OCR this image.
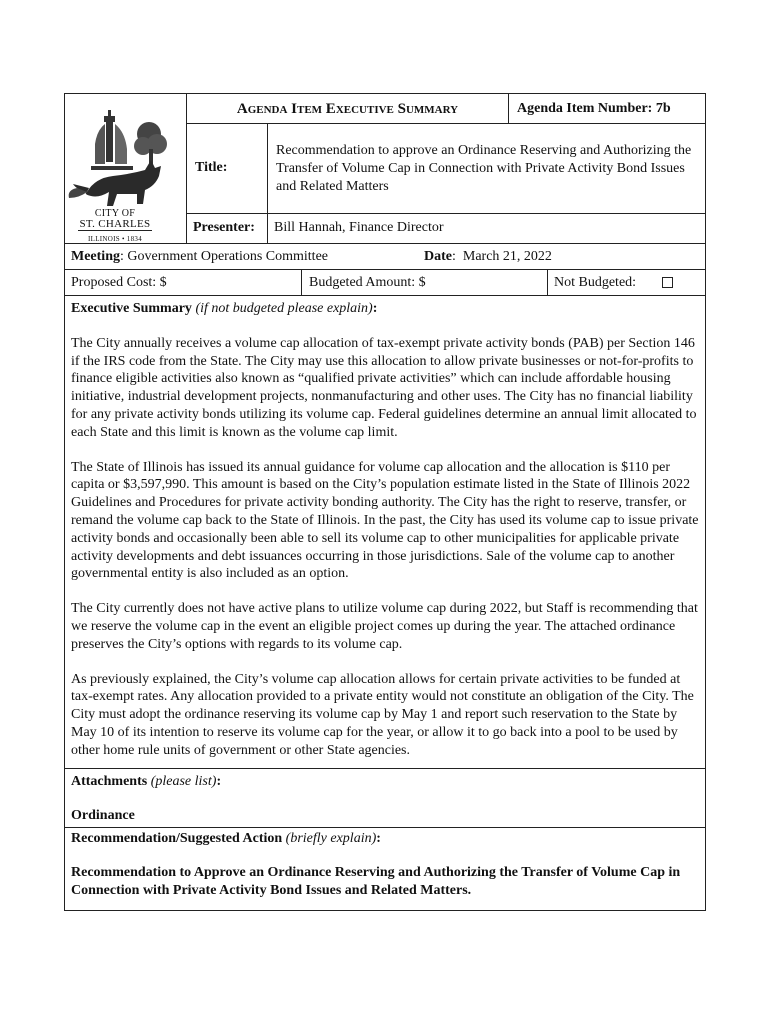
CITY OF
ST. CHARLES
ILLINOIS • 1834
Agenda Item Executive Summary	Agenda Item Number: 7b
Title:
Recommendation to approve an Ordinance Reserving and Authorizing the Transfer of Volume Cap in Connection with Private Activity Bond Issues and Related Matters
Presenter: Bill Hannah, Finance Director
Meeting: Government Operations Committee	Date:  March 21, 2022
Proposed Cost: $	Budgeted Amount: $	Not Budgeted:

Executive Summary (if not budgeted please explain):

The City annually receives a volume cap allocation of tax-exempt private activity bonds (PAB) per Section 146 if the IRS code from the State. The City may use this allocation to allow private businesses or not-for-profits to finance eligible activities also known as “qualified private activities” which can include affordable housing initiative, industrial development projects, nonmanufacturing and other uses. The City has no financial liability for any private activity bonds utilizing its volume cap. Federal guidelines determine an annual limit allocated to each State and this limit is known as the volume cap limit.

The State of Illinois has issued its annual guidance for volume cap allocation and the allocation is $110 per capita or $3,597,990. This amount is based on the City’s population estimate listed in the State of Illinois 2022 Guidelines and Procedures for private activity bonding authority. The City has the right to reserve, transfer, or remand the volume cap back to the State of Illinois. In the past, the City has used its volume cap to issue private activity bonds and occasionally been able to sell its volume cap to other municipalities for applicable private activity developments and debt issuances occurring in those jurisdictions. Sale of the volume cap to another governmental entity is also included as an option.

The City currently does not have active plans to utilize volume cap during 2022, but Staff is recommending that we reserve the volume cap in the event an eligible project comes up during the year. The attached ordinance preserves the City’s options with regards to its volume cap.

As previously explained, the City’s volume cap allocation allows for certain private activities to be funded at tax-exempt rates. Any allocation provided to a private entity would not constitute an obligation of the City. The City must adopt the ordinance reserving its volume cap by May 1 and report such reservation to the State by May 10 of its intention to reserve its volume cap for the year, or allow it to go back into a pool to be used by other home rule units of government or other State agencies.

Attachments (please list):
Ordinance
Recommendation/Suggested Action (briefly explain):
Recommendation to Approve an Ordinance Reserving and Authorizing the Transfer of Volume Cap in Connection with Private Activity Bond Issues and Related Matters.
